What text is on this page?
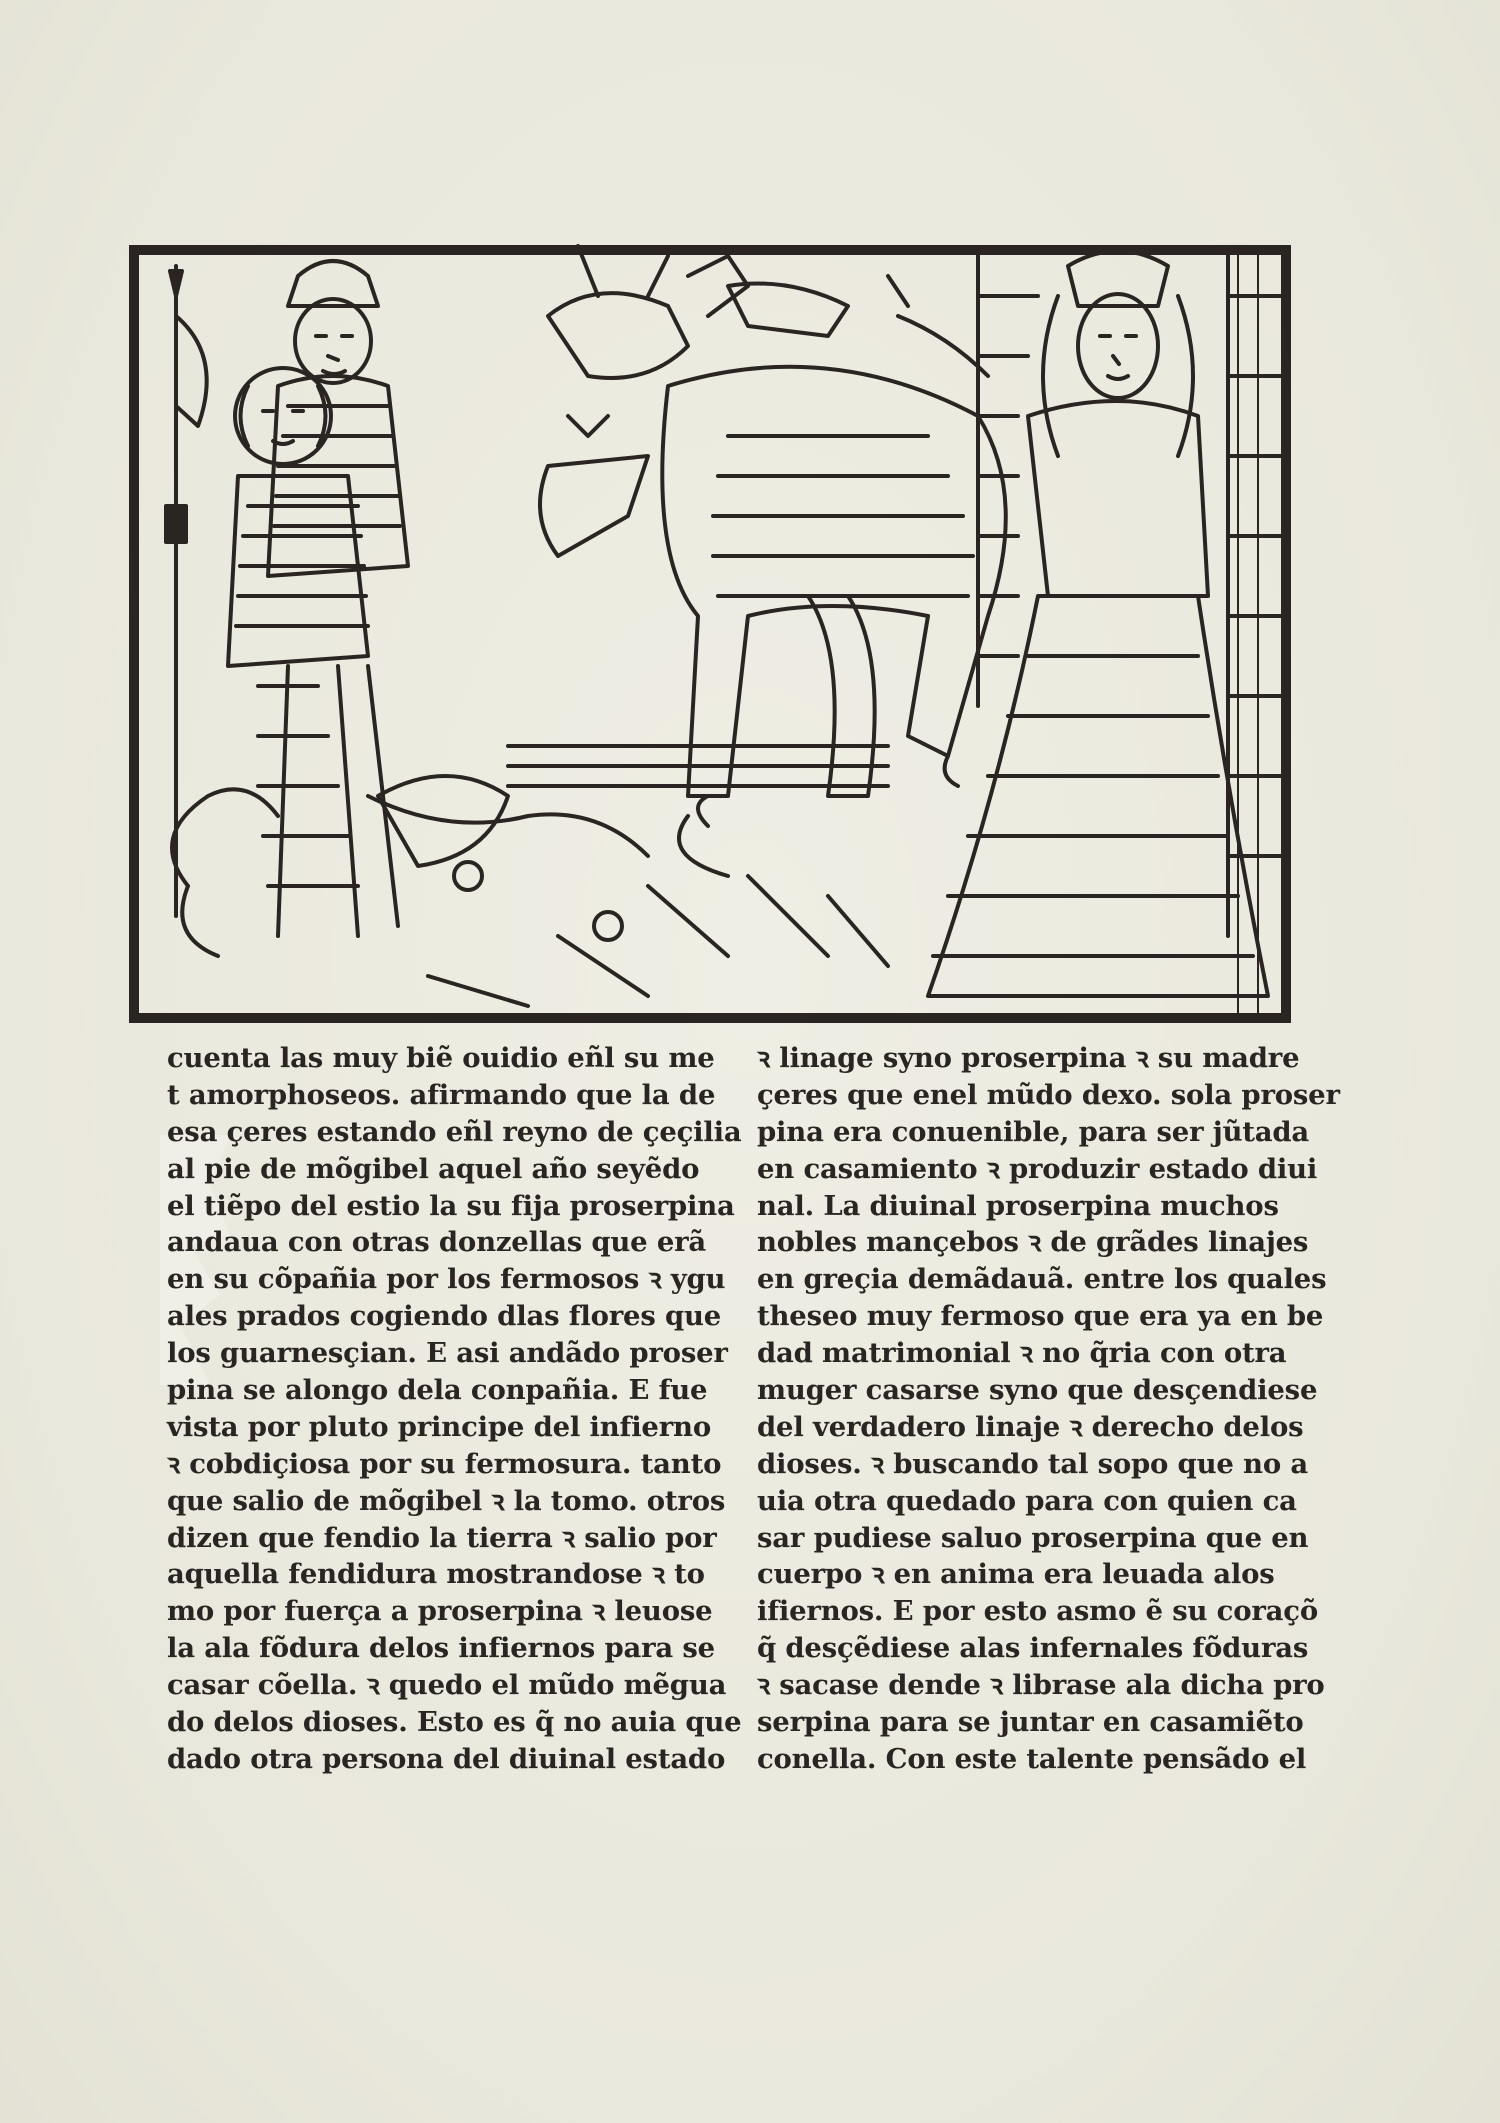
cuenta las muy biẽ ouidio eñl su me
t amorphoseos. afirmando que la de
esa çeres estando eñl reyno de çeçilia
al pie de mõgibel aquel año seyẽdo
el tiẽpo del estio la su fija proserpina
andaua con otras donzellas que erã
en su cõpañia por los fermosos ꝛ ygu
ales prados cogiendo dlas flores que
los guarnesçian. E asi andãdo proser
pina se alongo dela conpañia. E fue
vista por pluto principe del infierno
ꝛ cobdiçiosa por su fermosura. tanto
que salio de mõgibel ꝛ la tomo. otros
dizen que fendio la tierra ꝛ salio por
aquella fendidura mostrandose ꝛ to
mo por fuerça a proserpina ꝛ leuose
la ala fõdura delos infiernos para se
casar cõella. ꝛ quedo el mũdo mẽgua
do delos dioses. Esto es q̃ no auia que
dado otra persona del diuinal estado
ꝛ linage syno proserpina ꝛ su madre
çeres que enel mũdo dexo. sola proser
pina era conuenible, para ser jũtada
en casamiento ꝛ produzir estado diui
nal. La diuinal proserpina muchos
nobles mançebos ꝛ de grãdes linajes
en greçia demãdauã. entre los quales
theseo muy fermoso que era ya en be
dad matrimonial ꝛ no q̃ria con otra
muger casarse syno que desçendiese
del verdadero linaje ꝛ derecho delos
dioses. ꝛ buscando tal sopo que no a
uia otra quedado para con quien ca
sar pudiese saluo proserpina que en
cuerpo ꝛ en anima era leuada alos
ifiernos. E por esto asmo ẽ su coraçõ
q̃ desçẽdiese alas infernales fõduras
ꝛ sacase dende ꝛ librase ala dicha pro
serpina para se juntar en casamiẽto
conella. Con este talente pensãdo el
